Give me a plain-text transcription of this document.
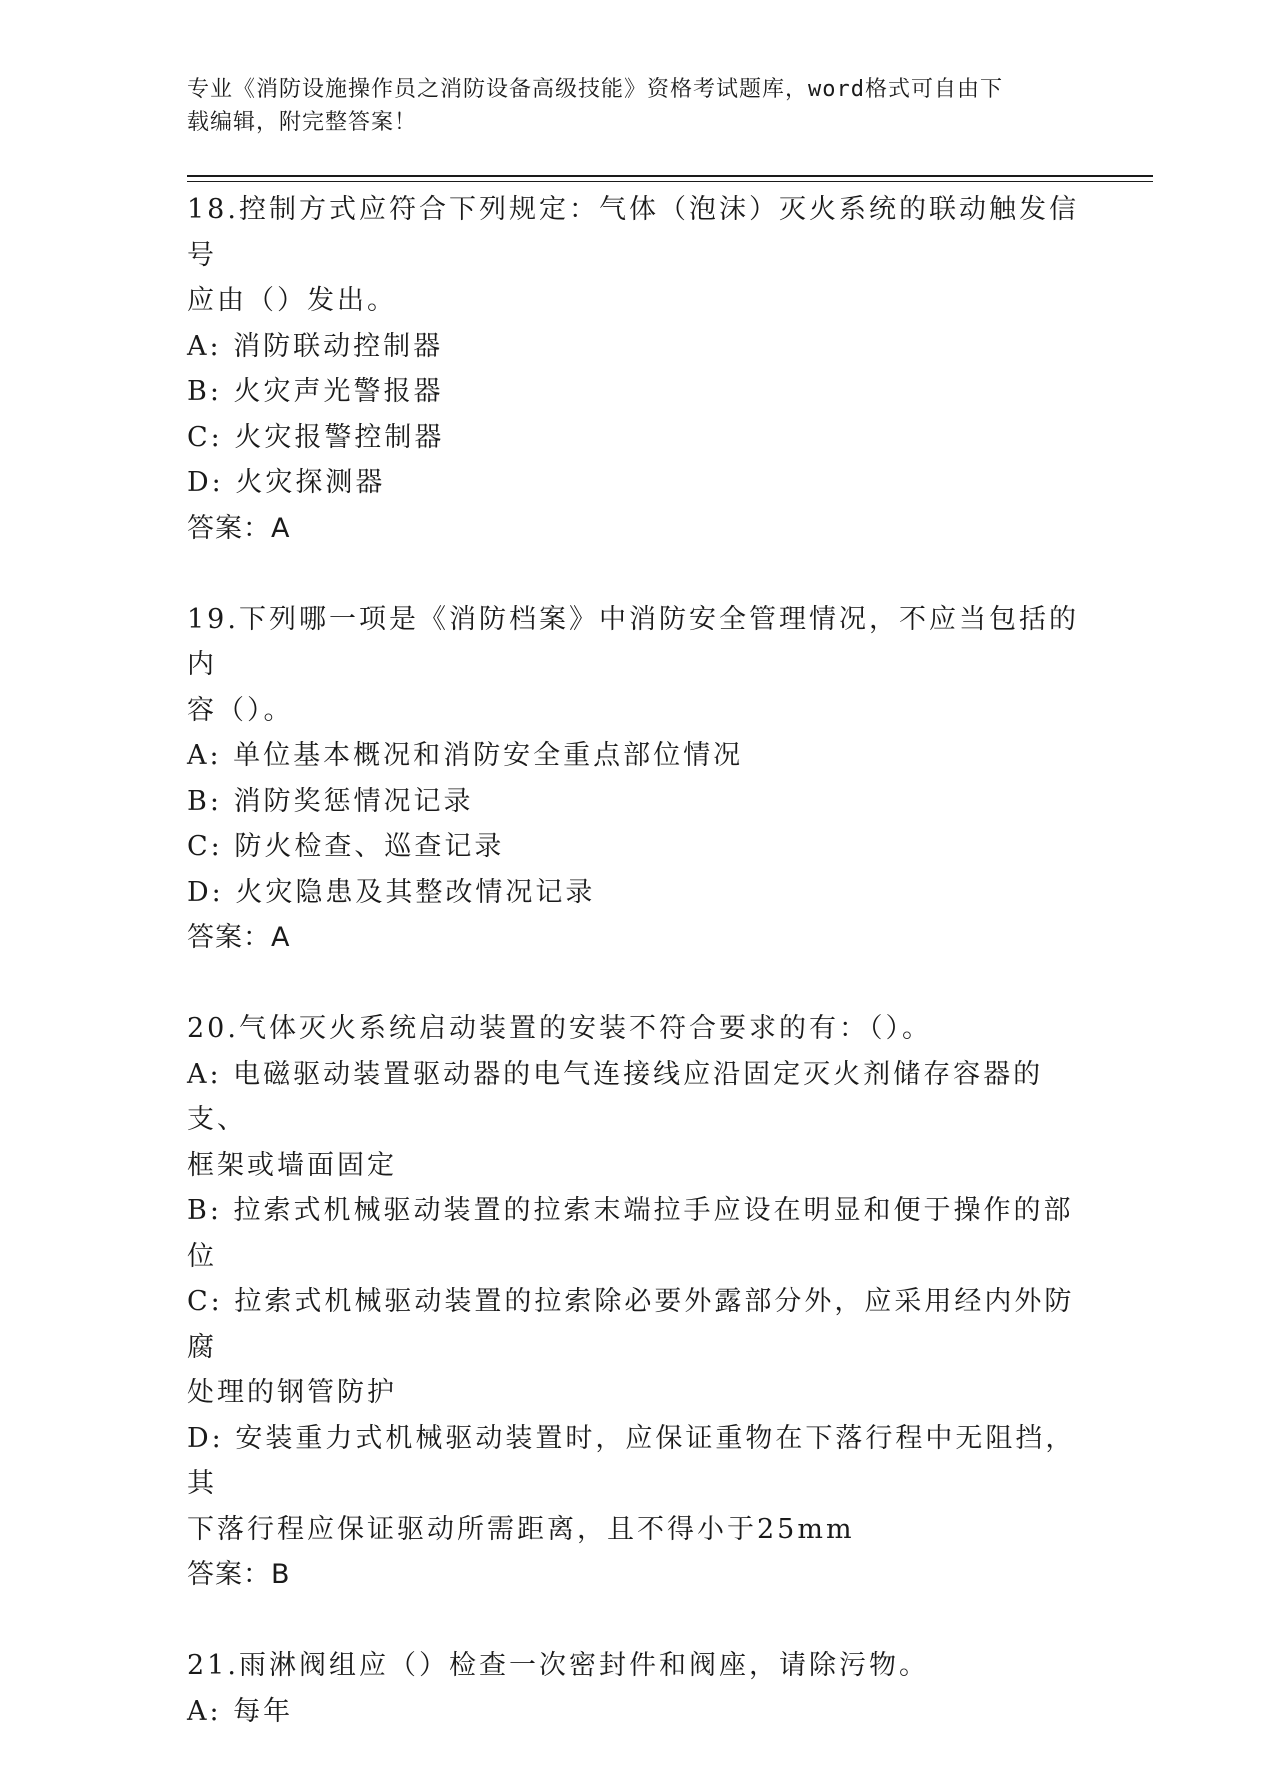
专业《消防设施操作员之消防设备高级技能》资格考试题库，word格式可自由下
载编辑，附完整答案！

18.控制方式应符合下列规定：气体（泡沫）灭火系统的联动触发信号

应由（）发出。

A: 消防联动控制器

B: 火灾声光警报器

C: 火灾报警控制器

D: 火灾探测器

答案：A

19.下列哪一项是《消防档案》中消防安全管理情况，不应当包括的内

容（）。

A: 单位基本概况和消防安全重点部位情况

B: 消防奖惩情况记录

C: 防火检查、巡查记录

D: 火灾隐患及其整改情况记录

答案：A

20.气体灭火系统启动装置的安装不符合要求的有：（）。

A: 电磁驱动装置驱动器的电气连接线应沿固定灭火剂储存容器的支、

框架或墙面固定

B: 拉索式机械驱动装置的拉索末端拉手应设在明显和便于操作的部位

C: 拉索式机械驱动装置的拉索除必要外露部分外，应采用经内外防腐

处理的钢管防护

D: 安装重力式机械驱动装置时，应保证重物在下落行程中无阻挡，其

下落行程应保证驱动所需距离，且不得小于25mm

答案：B

21.雨淋阀组应（）检查一次密封件和阀座，请除污物。

A: 每年
